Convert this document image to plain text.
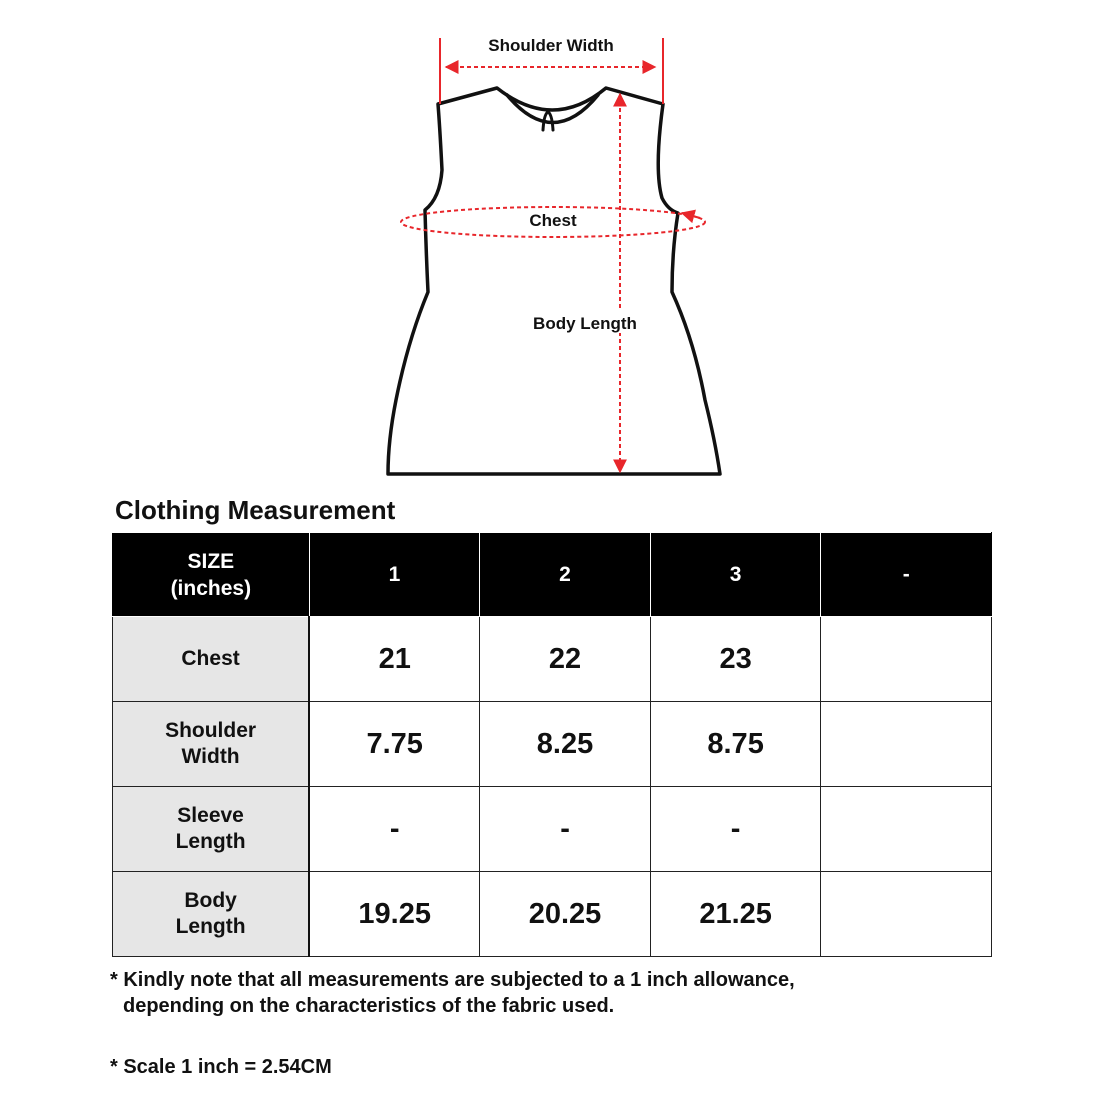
Shoulder Width
Chest
Body Length
Clothing Measurement
SIZE
(inches)	1	2	3	-
Chest	21	22	23	
Shoulder
Width	7.75	8.25	8.75	
Sleeve
Length	-	-	-	
Body
Length	19.25	20.25	21.25	

* Kindly note that all measurements are subjected to a 1 inch allowance,
depending on the characteristics of the fabric used.

* Scale 1 inch = 2.54CM
